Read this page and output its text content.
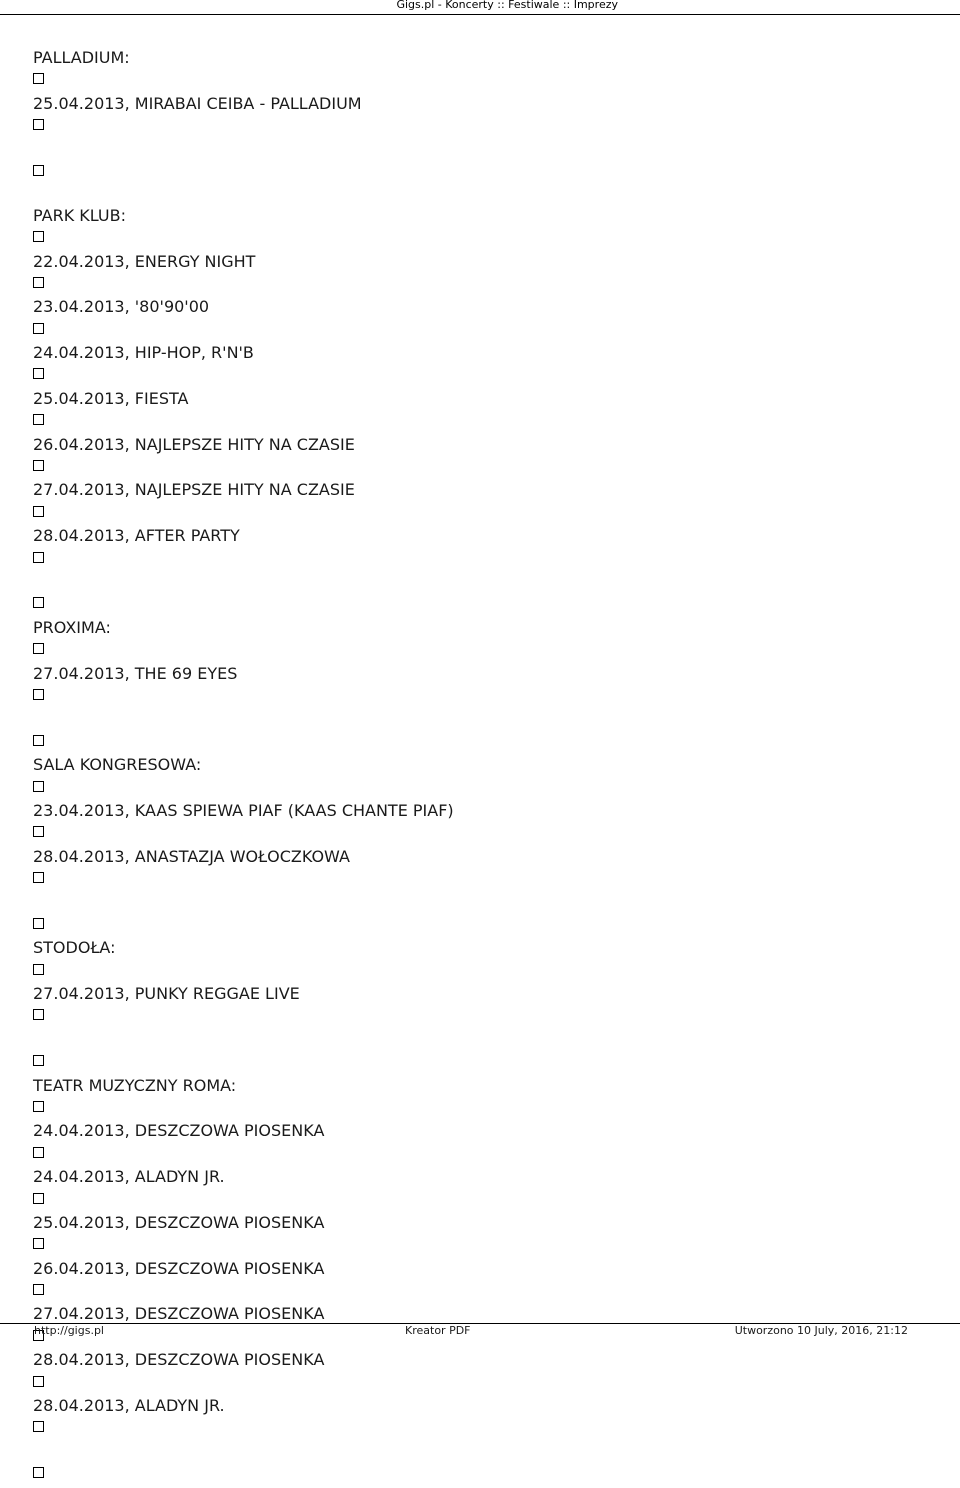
Gigs.pl - Koncerty :: Festiwale :: Imprezy
PALLADIUM:
25.04.2013, MIRABAI CEIBA - PALLADIUM
PARK KLUB:
22.04.2013, ENERGY NIGHT
23.04.2013, '80'90'00
24.04.2013, HIP-HOP, R'N'B
25.04.2013, FIESTA
26.04.2013, NAJLEPSZE HITY NA CZASIE
27.04.2013, NAJLEPSZE HITY NA CZASIE
28.04.2013, AFTER PARTY
PROXIMA:
27.04.2013, THE 69 EYES
SALA KONGRESOWA:
23.04.2013, KAAS SPIEWA PIAF (KAAS CHANTE PIAF)
28.04.2013, ANASTAZJA WOŁOCZKOWA
STODOŁA:
27.04.2013, PUNKY REGGAE LIVE
TEATR MUZYCZNY ROMA:
24.04.2013, DESZCZOWA PIOSENKA
24.04.2013, ALADYN JR.
25.04.2013, DESZCZOWA PIOSENKA
26.04.2013, DESZCZOWA PIOSENKA
27.04.2013, DESZCZOWA PIOSENKA
28.04.2013, DESZCZOWA PIOSENKA
28.04.2013, ALADYN JR.
http://gigs.pl	Kreator PDF	Utworzono 10 July, 2016, 21:12
